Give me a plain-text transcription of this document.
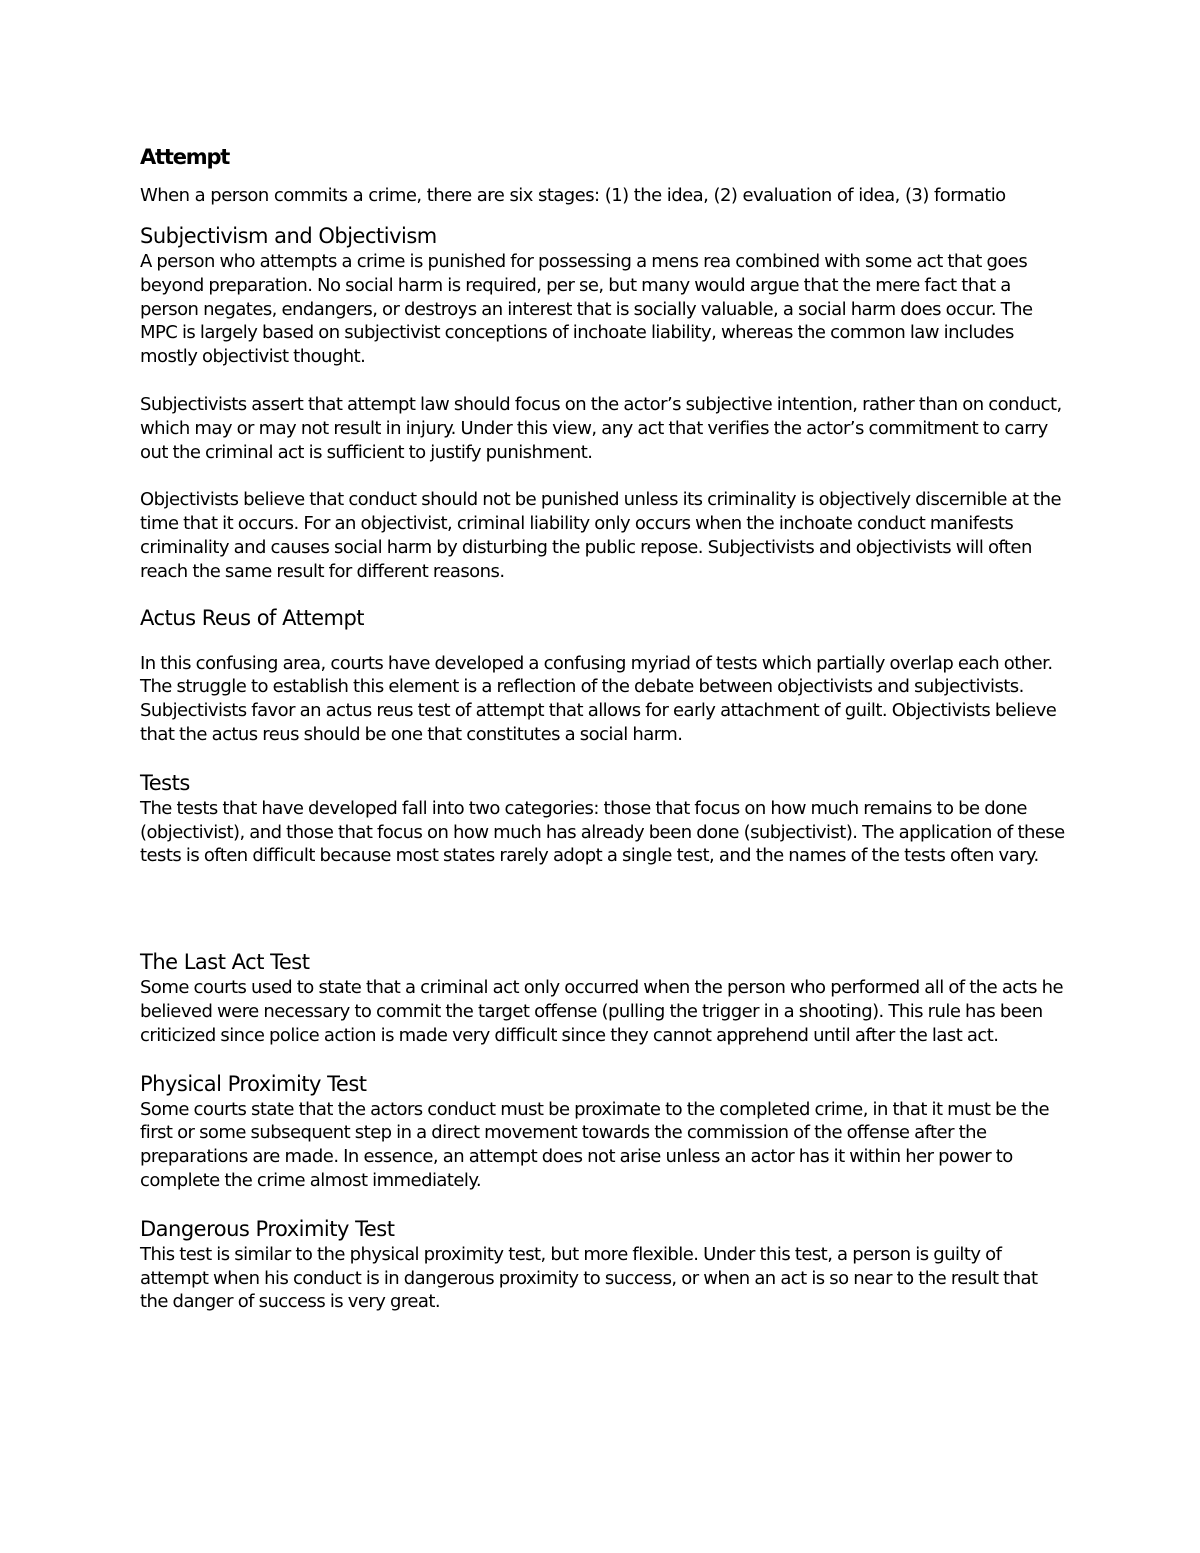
Attempt

When a person commits a crime, there are six stages: (1) the idea, (2) evaluation of idea, (3) formatio

Subjectivism and Objectivism

A person who attempts a crime is punished for possessing a mens rea combined with some act that goes beyond preparation. No social harm is required, per se, but many would argue that the mere fact that a person negates, endangers, or destroys an interest that is socially valuable, a social harm does occur. The MPC is largely based on subjectivist conceptions of inchoate liability, whereas the common law includes mostly objectivist thought.

Subjectivists assert that attempt law should focus on the actor’s subjective intention, rather than on conduct, which may or may not result in injury. Under this view, any act that verifies the actor’s commitment to carry out the criminal act is sufficient to justify punishment.

Objectivists believe that conduct should not be punished unless its criminality is objectively discernible at the time that it occurs. For an objectivist, criminal liability only occurs when the inchoate conduct manifests criminality and causes social harm by disturbing the public repose. Subjectivists and objectivists will often reach the same result for different reasons.

Actus Reus of Attempt

In this confusing area, courts have developed a confusing myriad of tests which partially overlap each other. The struggle to establish this element is a reflection of the debate between objectivists and subjectivists. Subjectivists favor an actus reus test of attempt that allows for early attachment of guilt. Objectivists believe that the actus reus should be one that constitutes a social harm.

Tests

The tests that have developed fall into two categories: those that focus on how much remains to be done (objectivist), and those that focus on how much has already been done (subjectivist). The application of these tests is often difficult because most states rarely adopt a single test, and the names of the tests often vary.

The Last Act Test

Some courts used to state that a criminal act only occurred when the person who performed all of the acts he believed were necessary to commit the target offense (pulling the trigger in a shooting). This rule has been criticized since police action is made very difficult since they cannot apprehend until after the last act.

Physical Proximity Test

Some courts state that the actors conduct must be proximate to the completed crime, in that it must be the first or some subsequent step in a direct movement towards the commission of the offense after the preparations are made. In essence, an attempt does not arise unless an actor has it within her power to complete the crime almost immediately.

Dangerous Proximity Test

This test is similar to the physical proximity test, but more flexible. Under this test, a person is guilty of attempt when his conduct is in dangerous proximity to success, or when an act is so near to the result that the danger of success is very great.
